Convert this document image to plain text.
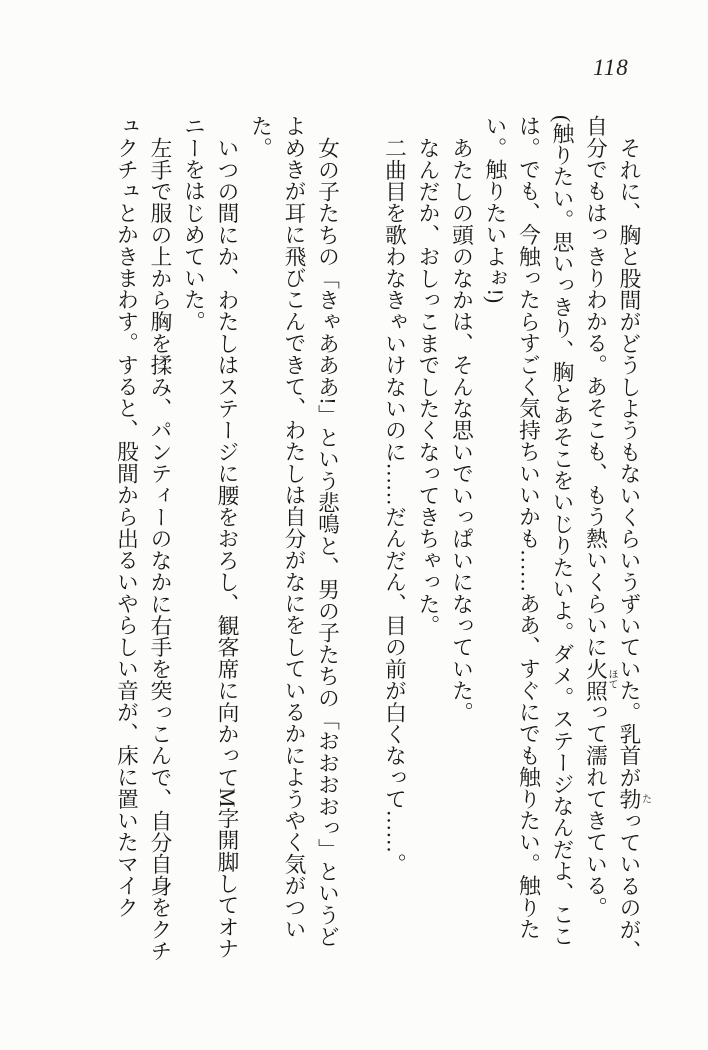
118

それに、胸と股間がどうしようもないくらいうずいていた。乳首が勃たっているのが、自分でもはっきりわかる。あそこも、もう熱いくらいに火照ほてって濡れてきている。

(触りたい。思いっきり、胸とあそこをいじりたいよ。ダメ。ステージなんだよ、ここは。でも、今触ったらすごく気持ちいいかも……ああ、すぐにでも触りたい。触りたい。触りたいよぉ!)

あたしの頭のなかは、そんな思いでいっぱいになっていた。

なんだか、おしっこまでしたくなってきちゃった。

二曲目を歌わなきゃいけないのに……だんだん、目の前が白くなって……。

女の子たちの「きゃあああ!」という悲鳴と、男の子たちの「おおおおっ」というどよめきが耳に飛びこんできて、わたしは自分がなにをしているかにようやく気がついた。

いつの間にか、わたしはステージに腰をおろし、観客席に向かってM字開脚してオナニーをはじめていた。

左手で服の上から胸を揉み、パンティーのなかに右手を突っこんで、自分自身をクチュクチュとかきまわす。すると、股間から出るいやらしい音が、床に置いたマイク
